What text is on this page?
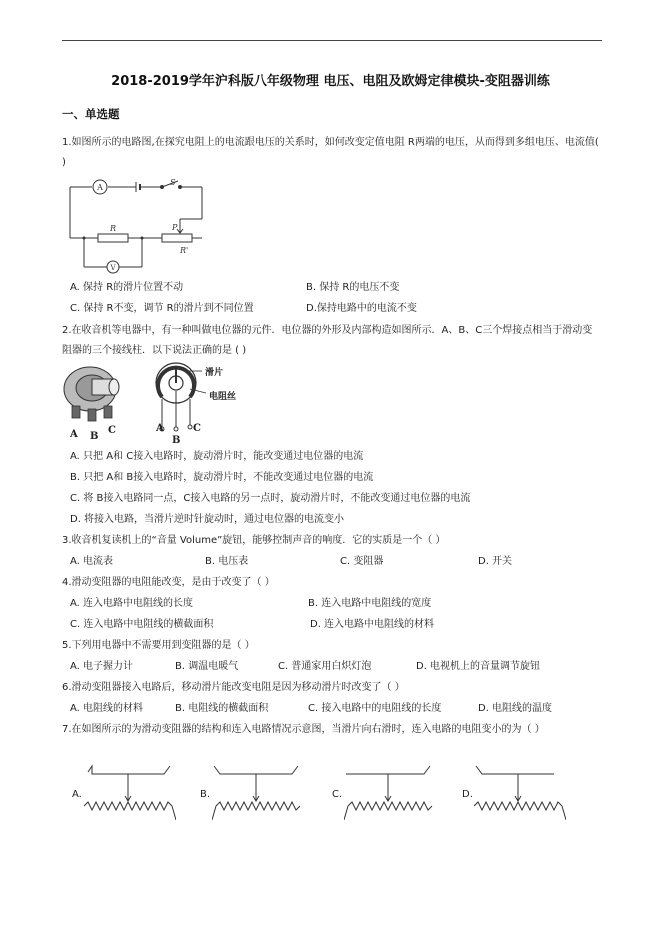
2018-2019学年沪科版八年级物理 电压、电阻及欧姆定律模块-变阻器训练
一、单选题
1.如图所示的电路图,在探究电阻上的电流跟电压的关系时，如何改变定值电阻 R两端的电压，从而得到多组电压、电流值( )
A
V
S
R	P
R'
A. 保持 R的滑片位置不动	B. 保持 R的电压不变
C. 保持 R不变，调节 R的滑片到不同位置	D.保持电路中的电流不变
2.在收音机等电器中，有一种叫做电位器的元件．电位器的外形及内部构造如图所示．A、B、C三个焊接点相当于滑动变阻器的三个接线柱．以下说法正确的是 ( )
A B
C	A
B
C
滑片
电阻丝
A. 只把 A和 C接入电路时，旋动滑片时，能改变通过电位器的电流
B. 只把 A和 B接入电路时，旋动滑片时，不能改变通过电位器的电流
C. 将 B接入电路同一点，C接入电路的另一点时，旋动滑片时，不能改变通过电位器的电流
D. 将接入电路，当滑片逆时针旋动时，通过电位器的电流变小
3.收音机复读机上的“音量 Volume”旋钮，能够控制声音的响度．它的实质是一个（ ）
A. 电流表	B. 电压表	C. 变阻器	D. 开关
4.滑动变阻器的电阻能改变，是由于改变了（ ）
A. 连入电路中电阻线的长度	B. 连入电路中电阻线的宽度
C. 连入电路中电阻线的横截面积	D. 连入电路中电阻线的材料
5.下列用电器中不需要用到变阻器的是（ ）
A. 电子握力计	B. 调温电暖气	C. 普通家用白炽灯泡	D. 电视机上的音量调节旋钮
6.滑动变阻器接入电路后，移动滑片能改变电阻是因为移动滑片时改变了（ ）
A. 电阻线的材料	B. 电阻线的横截面积	C. 接入电路中的电阻线的长度	D. 电阻线的温度
7.在如图所示的为滑动变阻器的结构和连入电路情况示意图，当滑片向右滑时，连入电路的电阻变小的为（ ）
A.	B.	C.	D.
